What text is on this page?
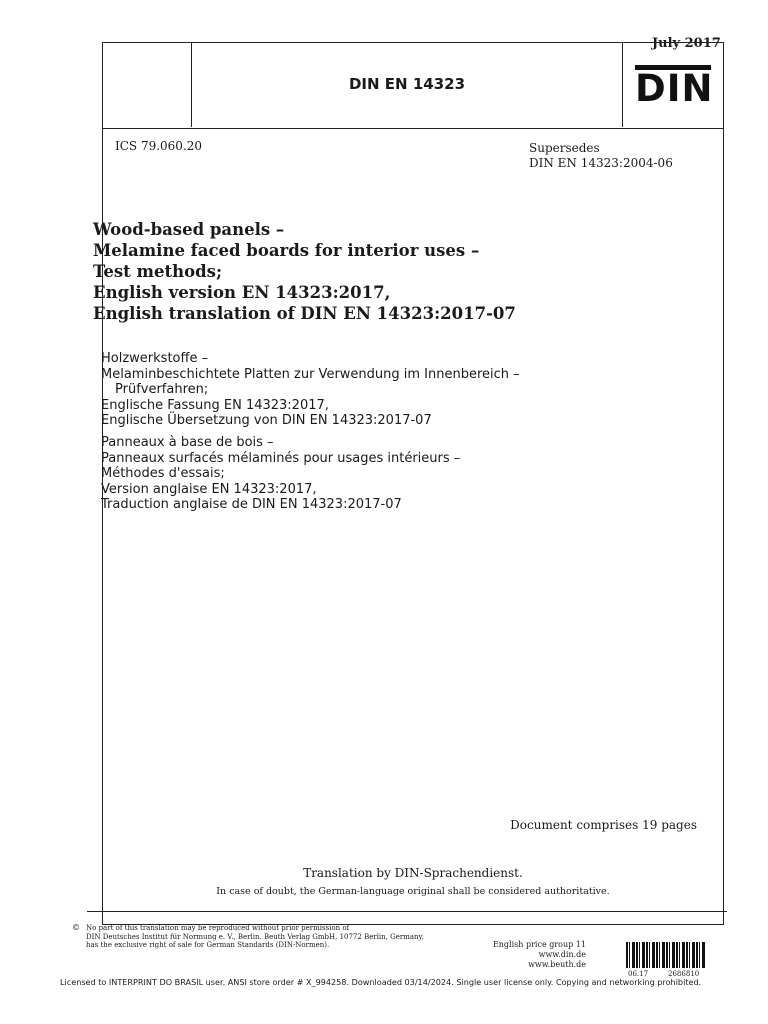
July 2017
DIN EN 14323	DIN
ICS 79.060.20	Supersedes
DIN EN 14323:2004-06
Wood-based panels –
Melamine faced boards for interior uses –
Test methods;
English version EN 14323:2017,
English translation of DIN EN 14323:2017-07
Holzwerkstoffe –
Melaminbeschichtete Platten zur Verwendung im Innenbereich –
Prüfverfahren;
Englische Fassung EN 14323:2017,
Englische Übersetzung von DIN EN 14323:2017-07
Panneaux à base de bois –
Panneaux surfacés mélaminés pour usages intérieurs –
Méthodes d'essais;
Version anglaise EN 14323:2017,
Traduction anglaise de DIN EN 14323:2017-07
Document comprises 19 pages
Translation by DIN-Sprachendienst.
In case of doubt, the German-language original shall be considered authoritative.
© No part of this translation may be reproduced without prior permission of
DIN Deutsches Institut für Normung e. V., Berlin. Beuth Verlag GmbH, 10772 Berlin, Germany,
has the exclusive right of sale for German Standards (DIN-Normen).	English price group 11
www.din.de
www.beuth.de
06.17	2686810
Licensed to INTERPRINT DO BRASIL user. ANSI store order # X_994258. Downloaded 03/14/2024. Single user license only. Copying and networking prohibited.
